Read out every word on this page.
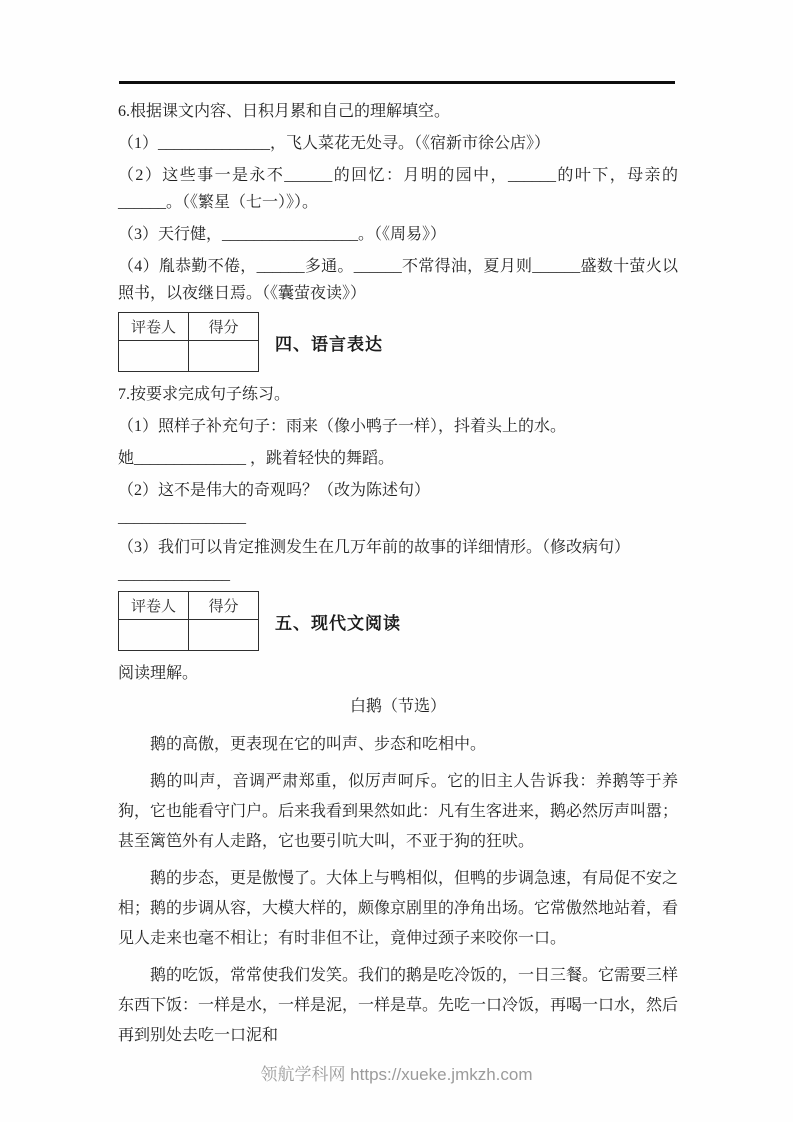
6.根据课文内容、日积月累和自己的理解填空。
（1）______________，飞人菜花无处寻。（《宿新市徐公店》）
（2）这些事一是永不______的回忆：月明的园中，______的叶下，母亲的______。（《繁星（七一）》）。
（3）天行健，_________________。（《周易》）
（4）胤恭勤不倦，______多通。______不常得油，夏月则______盛数十萤火以照书，以夜继日焉。（《囊萤夜读》）
评卷人	得分

四、语言表达
7.按要求完成句子练习。
（1）照样子补充句子：雨来（像小鸭子一样），抖着头上的水。
她______________ ，跳着轻快的舞蹈。
（2）这不是伟大的奇观吗？（改为陈述句）
________________
（3）我们可以肯定推测发生在几万年前的故事的详细情形。（修改病句）
______________
评卷人	得分

五、现代文阅读
阅读理解。
白鹅（节选）
鹅的高傲，更表现在它的叫声、步态和吃相中。
鹅的叫声，音调严肃郑重，似厉声呵斥。它的旧主人告诉我：养鹅等于养狗，它也能看守门户。后来我看到果然如此：凡有生客进来，鹅必然厉声叫嚣；甚至篱笆外有人走路，它也要引吭大叫，不亚于狗的狂吠。
鹅的步态，更是傲慢了。大体上与鸭相似，但鸭的步调急速，有局促不安之相；鹅的步调从容，大模大样的，颇像京剧里的净角出场。它常傲然地站着，看见人走来也毫不相让；有时非但不让，竟伸过颈子来咬你一口。
鹅的吃饭，常常使我们发笑。我们的鹅是吃冷饭的，一日三餐。它需要三样东西下饭：一样是水，一样是泥，一样是草。先吃一口冷饭，再喝一口水，然后再到别处去吃一口泥和
领航学科网 https://xueke.jmkzh.com
